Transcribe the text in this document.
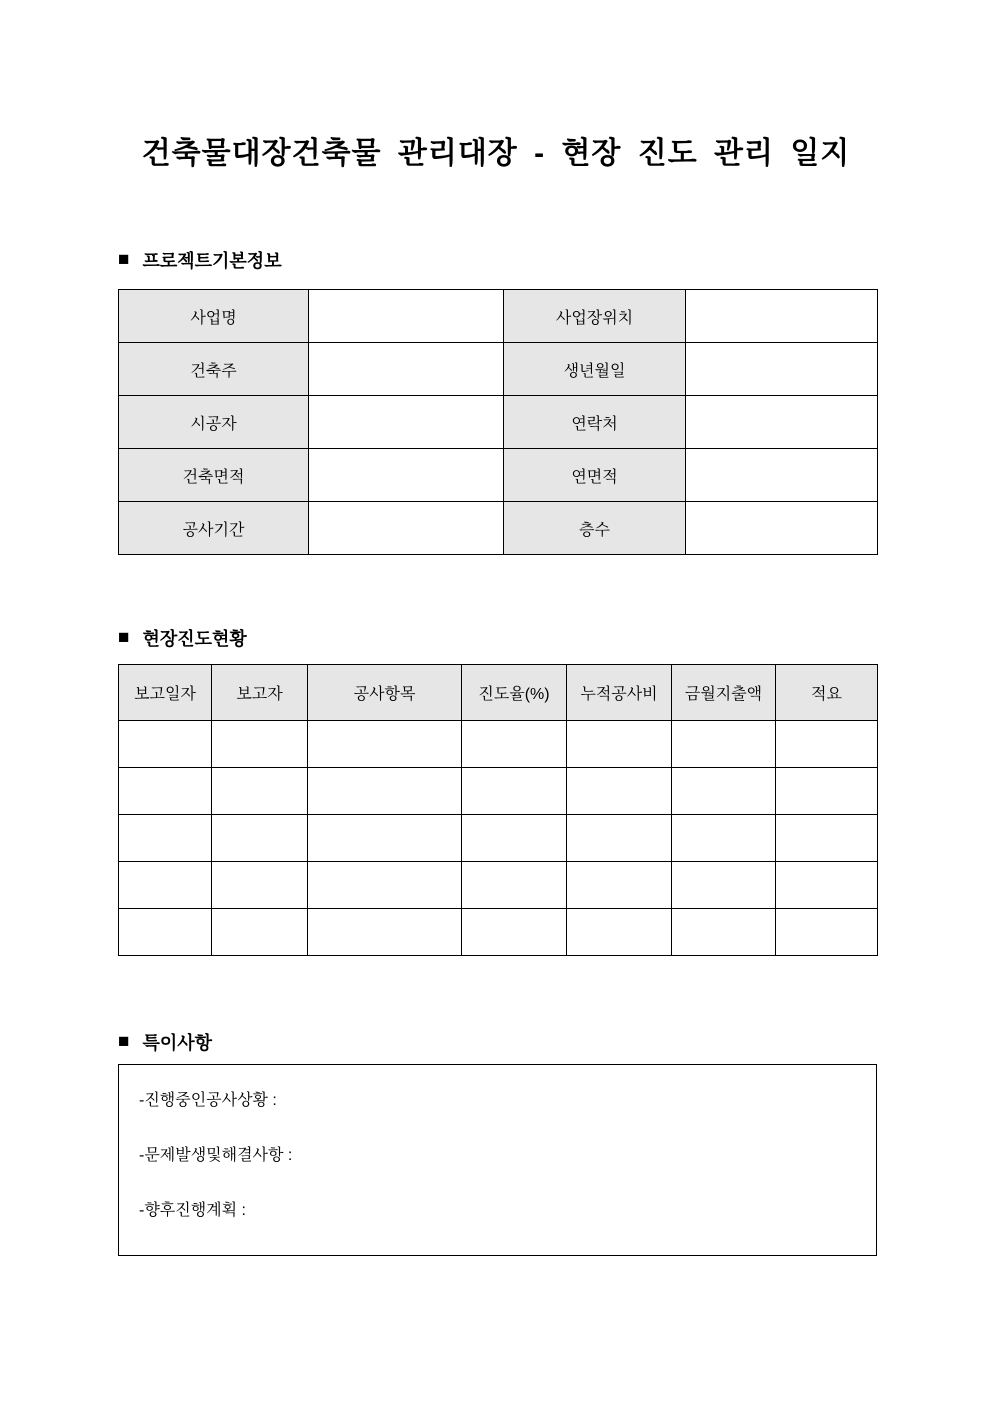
건축물대장건축물 관리대장 - 현장 진도 관리 일지
■ 프로젝트기본정보
사업명		사업장위치	
건축주		생년월일	
시공자		연락처	
건축면적		연면적	
공사기간		층수	
■ 현장진도현황
보고일자	보고자	공사항목	진도율(%)	누적공사비	금월지출액	적요

■ 특이사항

-진행중인공사상황 :

-문제발생및해결사항 :

-향후진행계획 :
